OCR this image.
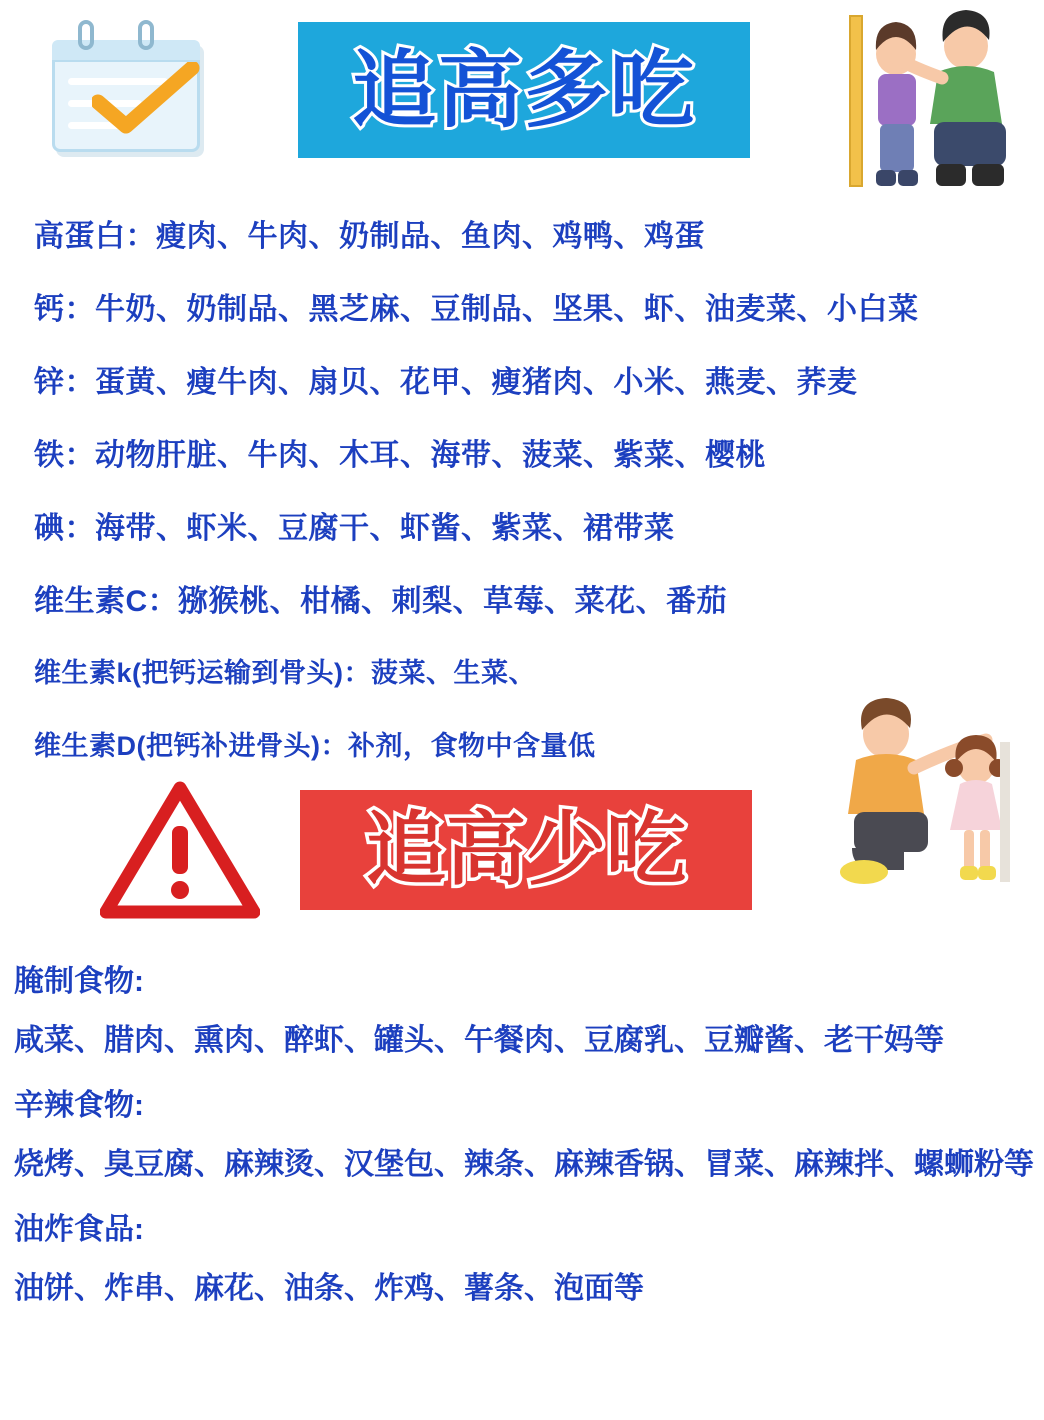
追高多吃
高蛋白：瘦肉、牛肉、奶制品、鱼肉、鸡鸭、鸡蛋
钙：牛奶、奶制品、黑芝麻、豆制品、坚果、虾、油麦菜、小白菜
锌：蛋黄、瘦牛肉、扇贝、花甲、瘦猪肉、小米、燕麦、荞麦
铁：动物肝脏、牛肉、木耳、海带、菠菜、紫菜、樱桃
碘：海带、虾米、豆腐干、虾酱、紫菜、裙带菜
维生素C：猕猴桃、柑橘、刺梨、草莓、菜花、番茄
维生素k(把钙运输到骨头)：菠菜、生菜、
维生素D(把钙补进骨头)：补剂，食物中含量低
追高少吃
腌制食物:
咸菜、腊肉、熏肉、醉虾、罐头、午餐肉、豆腐乳、豆瓣酱、老干妈等
辛辣食物:
烧烤、臭豆腐、麻辣烫、汉堡包、辣条、麻辣香锅、冒菜、麻辣拌、螺蛳粉等
油炸食品:
油饼、炸串、麻花、油条、炸鸡、薯条、泡面等
